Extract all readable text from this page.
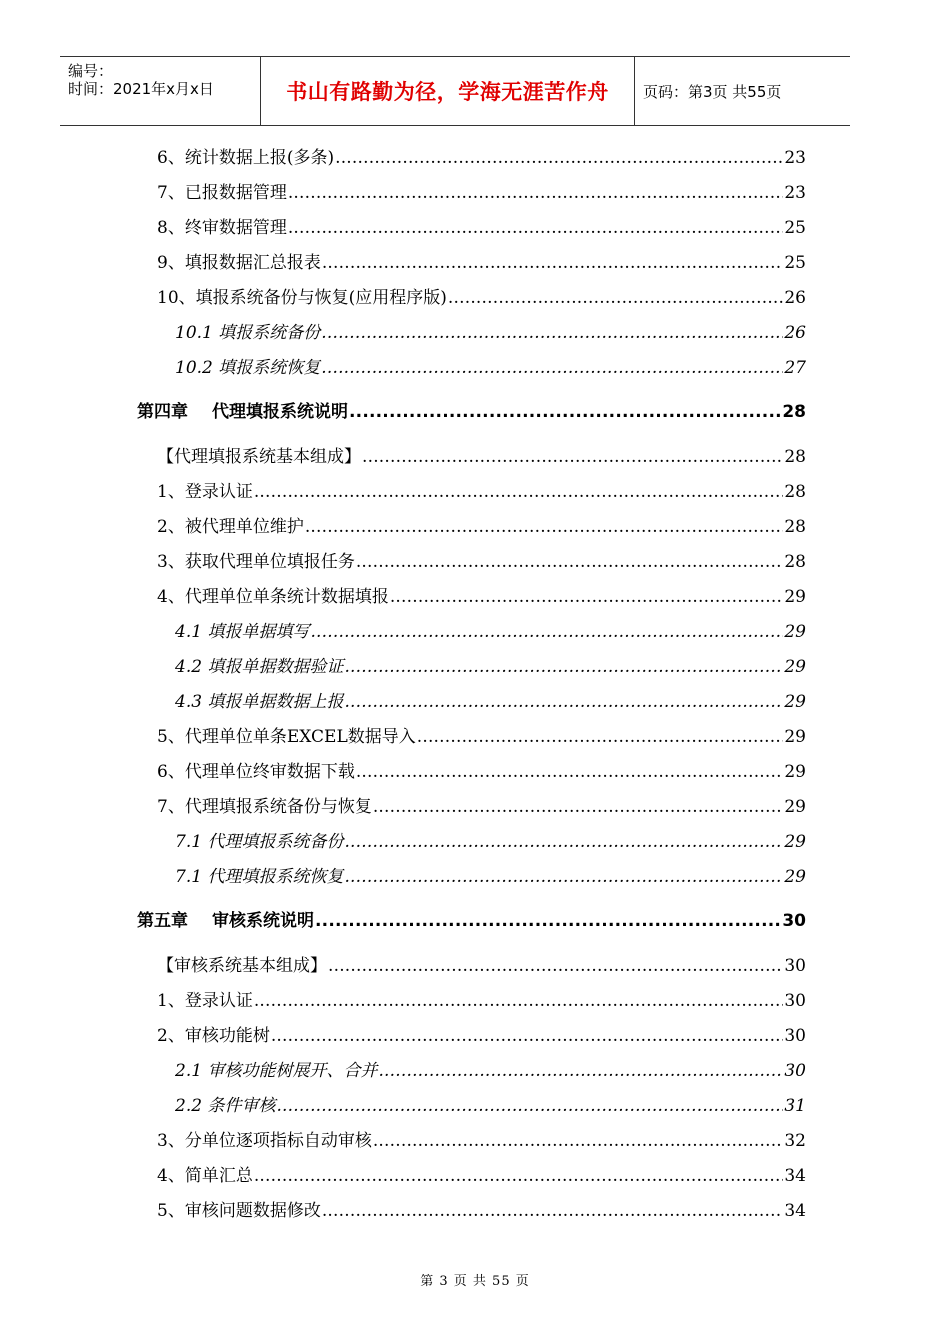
编号：
时间：2021年x月x日	书山有路勤为径，学海无涯苦作舟 页码：第3页 共55页
6、统计数据上报(多条) .....	23
7、已报数据管理 .....	23
8、终审数据管理 .....	25
9、填报数据汇总报表 .....	25
10、填报系统备份与恢复(应用程序版) .....	26
10.1 填报系统备份 .....	26
10.2 填报系统恢复 .....	27
第四章 代理填报系统说明 .....	28
【代理填报系统基本组成】 .....	28
1、登录认证 .....	28
2、被代理单位维护 .....	28
3、获取代理单位填报任务 .....	28
4、代理单位单条统计数据填报 .....	29
4.1 填报单据填写 .....	29
4.2 填报单据数据验证 .....	29
4.3 填报单据数据上报 .....	29
5、代理单位单条EXCEL数据导入 .....	29
6、代理单位终审数据下载 .....	29
7、代理填报系统备份与恢复 .....	29
7.1 代理填报系统备份 .....	29
7.1 代理填报系统恢复 .....	29
第五章 审核系统说明 .....	30
【审核系统基本组成】 .....	30
1、登录认证 .....	30
2、审核功能树 .....	30
2.1 审核功能树展开、合并 .....	30
2.2 条件审核 .....	31
3、分单位逐项指标自动审核 .....	32
4、简单汇总 .....	34
5、审核问题数据修改 .....	34
第 3 页 共 55 页
